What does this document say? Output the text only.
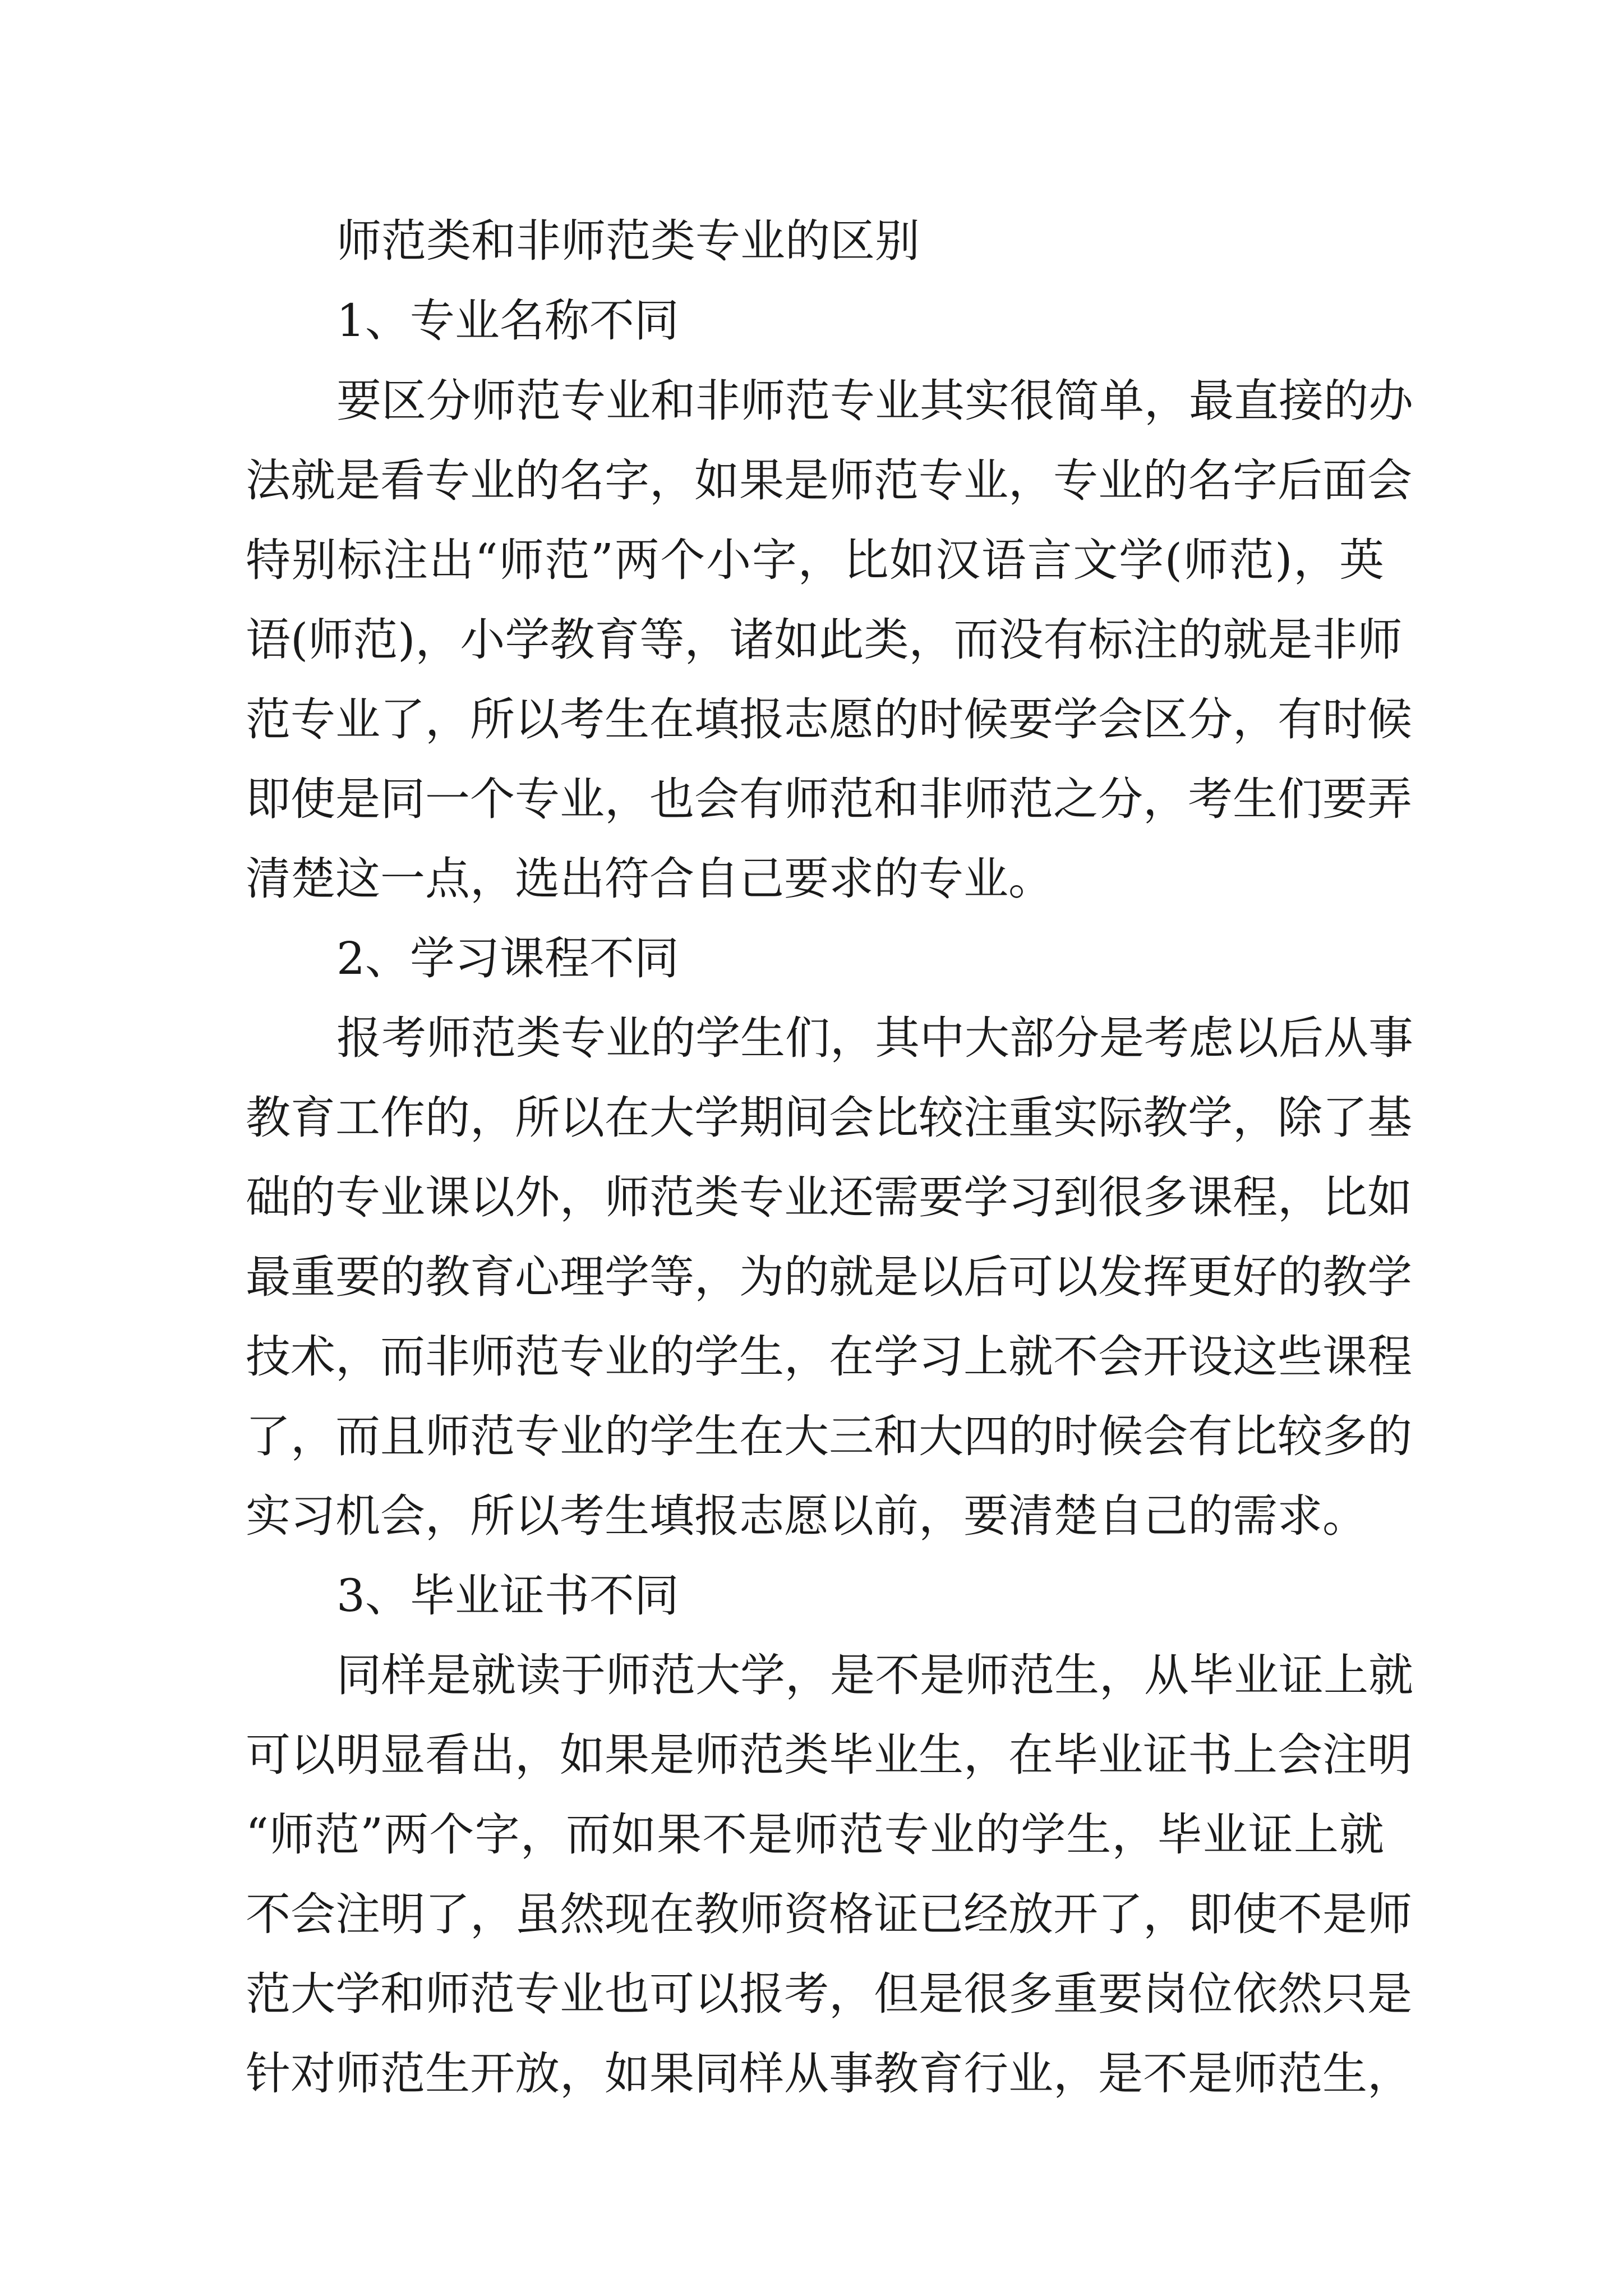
师范类和非师范类专业的区别
1、专业名称不同
要区分师范专业和非师范专业其实很简单，最直接的办
法就是看专业的名字，如果是师范专业，专业的名字后面会
特别标注出“师范”两个小字，比如汉语言文学(师范)，英
语(师范)，小学教育等，诸如此类，而没有标注的就是非师
范专业了，所以考生在填报志愿的时候要学会区分，有时候
即使是同一个专业，也会有师范和非师范之分，考生们要弄
清楚这一点，选出符合自己要求的专业。
2、学习课程不同
报考师范类专业的学生们，其中大部分是考虑以后从事
教育工作的，所以在大学期间会比较注重实际教学，除了基
础的专业课以外，师范类专业还需要学习到很多课程，比如
最重要的教育心理学等，为的就是以后可以发挥更好的教学
技术，而非师范专业的学生，在学习上就不会开设这些课程
了，而且师范专业的学生在大三和大四的时候会有比较多的
实习机会，所以考生填报志愿以前，要清楚自己的需求。
3、毕业证书不同
同样是就读于师范大学，是不是师范生，从毕业证上就
可以明显看出，如果是师范类毕业生，在毕业证书上会注明
“师范”两个字，而如果不是师范专业的学生，毕业证上就
不会注明了，虽然现在教师资格证已经放开了，即使不是师
范大学和师范专业也可以报考，但是很多重要岗位依然只是
针对师范生开放，如果同样从事教育行业，是不是师范生，
